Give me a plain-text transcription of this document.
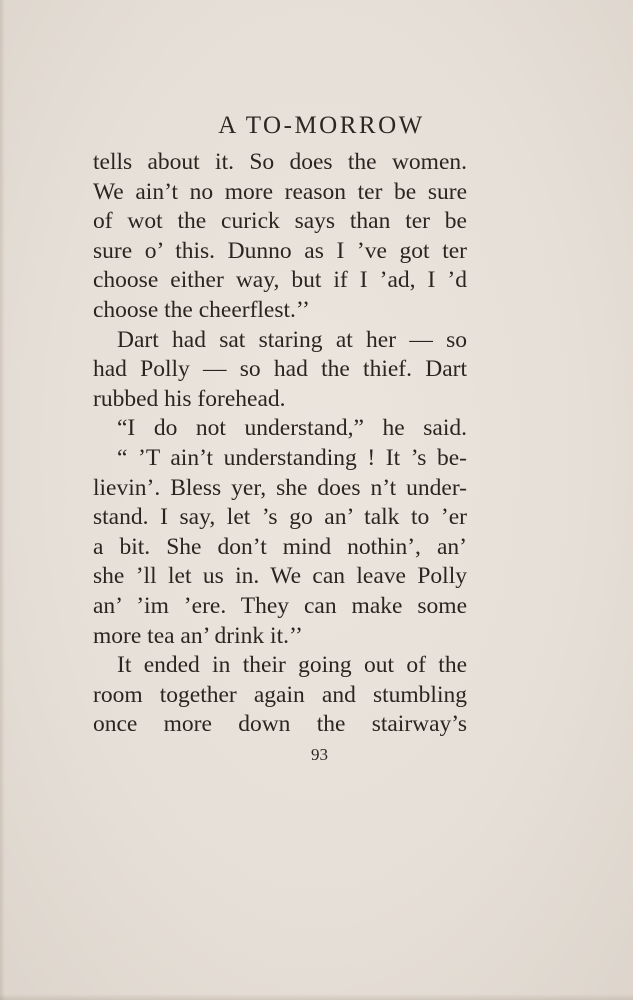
A TO-MORROW
tells about it. So does the women.
We ain’t no more reason ter be sure
of wot the curick says than ter be
sure o’ this. Dunno as I ’ve got ter
choose either way, but if I ’ad, I ’d
choose the cheerflest.’’
Dart had sat staring at her — so
had Polly — so had the thief. Dart
rubbed his forehead.
“I do not understand,” he said.
“ ’T ain’t understanding ! It ’s be-
lievin’. Bless yer, she does n’t under-
stand. I say, let ’s go an’ talk to ’er
a bit. She don’t mind nothin’, an’
she ’ll let us in. We can leave Polly
an’ ’im ’ere. They can make some
more tea an’ drink it.’’
It ended in their going out of the
room together again and stumbling
once more down the stairway’s
93
